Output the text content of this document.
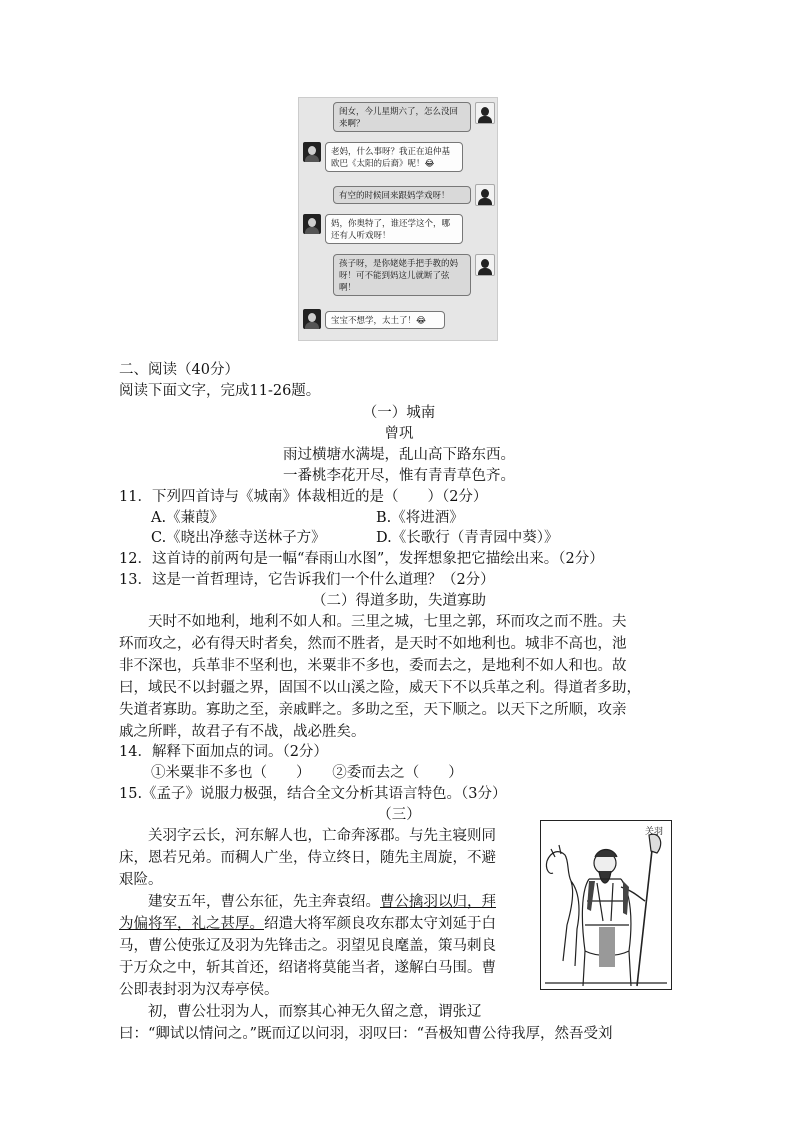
闺女，今儿星期六了，怎么没回来啊？
老妈，什么事呀？我正在追仲基欧巴《太阳的后裔》呢！😂
有空的时候回来跟妈学戏呀！
妈，你奥特了，谁还学这个，哪还有人听戏呀！
孩子呀，是你姥姥手把手教的妈呀！可不能到妈这儿就断了弦啊！
宝宝不想学，太土了！😂
二、阅读（40分）
阅读下面文字，完成11-26题。
（一）城南
曾巩
雨过横塘水满堤，乱山高下路东西。
一番桃李花开尽，惟有青青草色齐。
11．下列四首诗与《城南》体裁相近的是（　　）（2分）
A.《蒹葭》	B.《将进酒》
C.《晓出净慈寺送林子方》	D.《长歌行（青青园中葵）》
12．这首诗的前两句是一幅“春雨山水图”，发挥想象把它描绘出来。（2分）
13．这是一首哲理诗，它告诉我们一个什么道理？（2分）
（二）得道多助，失道寡助
　　天时不如地利，地利不如人和。三里之城，七里之郭，环而攻之而不胜。夫
环而攻之，必有得天时者矣，然而不胜者，是天时不如地利也。城非不高也，池
非不深也，兵革非不坚利也，米粟非不多也，委而去之，是地利不如人和也。故
曰，域民不以封疆之界，固国不以山溪之险，威天下不以兵革之利。得道者多助，
失道者寡助。寡助之至，亲戚畔之。多助之至，天下顺之。以天下之所顺，攻亲
戚之所畔，故君子有不战，战必胜矣。
14．解释下面加点的词。（2分）
①米粟非不多也（　　）　　②委而去之（　　）
15.《孟子》说服力极强，结合全文分析其语言特色。（3分）
（三）
　　关羽字云长，河东解人也，亡命奔涿郡。与先主寝则同
床，恩若兄弟。而稠人广坐，侍立终日，随先主周旋，不避
艰险。
　　建安五年，曹公东征，先主奔袁绍。曹公擒羽以归，拜
为偏将军，礼之甚厚。绍遣大将军颜良攻东郡太守刘延于白
马，曹公使张辽及羽为先锋击之。羽望见良麾盖，策马刺良
于万众之中，斩其首还，绍诸将莫能当者，遂解白马围。曹
公即表封羽为汉寿亭侯。
　　初，曹公壮羽为人，而察其心神无久留之意，谓张辽
曰：“卿试以情问之。”既而辽以问羽，羽叹曰：“吾极知曹公待我厚，然吾受刘
关羽
